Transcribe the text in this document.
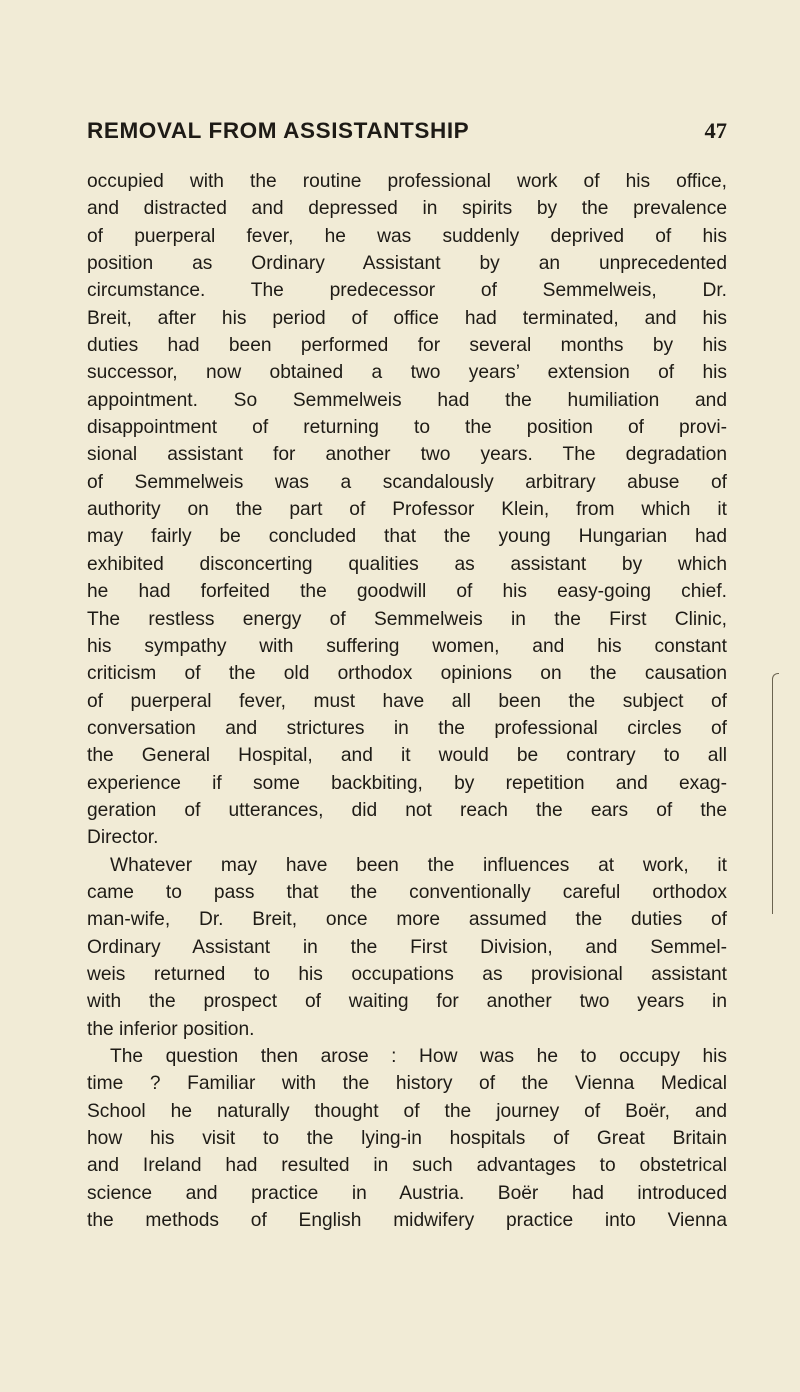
REMOVAL FROM ASSISTANTSHIP	47
occupied with the routine professional work of his office,
and distracted and depressed in spirits by the prevalence
of puerperal fever, he was suddenly deprived of his
position as Ordinary Assistant by an unprecedented
circumstance. The predecessor of Semmelweis, Dr.
Breit, after his period of office had terminated, and his
duties had been performed for several months by his
successor, now obtained a two years’ extension of his
appointment. So Semmelweis had the humiliation and
disappointment of returning to the position of provi-
sional assistant for another two years. The degradation
of Semmelweis was a scandalously arbitrary abuse of
authority on the part of Professor Klein, from which it
may fairly be concluded that the young Hungarian had
exhibited disconcerting qualities as assistant by which
he had forfeited the goodwill of his easy-going chief.
The restless energy of Semmelweis in the First Clinic,
his sympathy with suffering women, and his constant
criticism of the old orthodox opinions on the causation
of puerperal fever, must have all been the subject of
conversation and strictures in the professional circles of
the General Hospital, and it would be contrary to all
experience if some backbiting, by repetition and exag-
geration of utterances, did not reach the ears of the
Director.
Whatever may have been the influences at work, it
came to pass that the conventionally careful orthodox
man-wife, Dr. Breit, once more assumed the duties of
Ordinary Assistant in the First Division, and Semmel-
weis returned to his occupations as provisional assistant
with the prospect of waiting for another two years in
the inferior position.
The question then arose : How was he to occupy his
time ? Familiar with the history of the Vienna Medical
School he naturally thought of the journey of Boër, and
how his visit to the lying-in hospitals of Great Britain
and Ireland had resulted in such advantages to obstetrical
science and practice in Austria. Boër had introduced
the methods of English midwifery practice into Vienna
